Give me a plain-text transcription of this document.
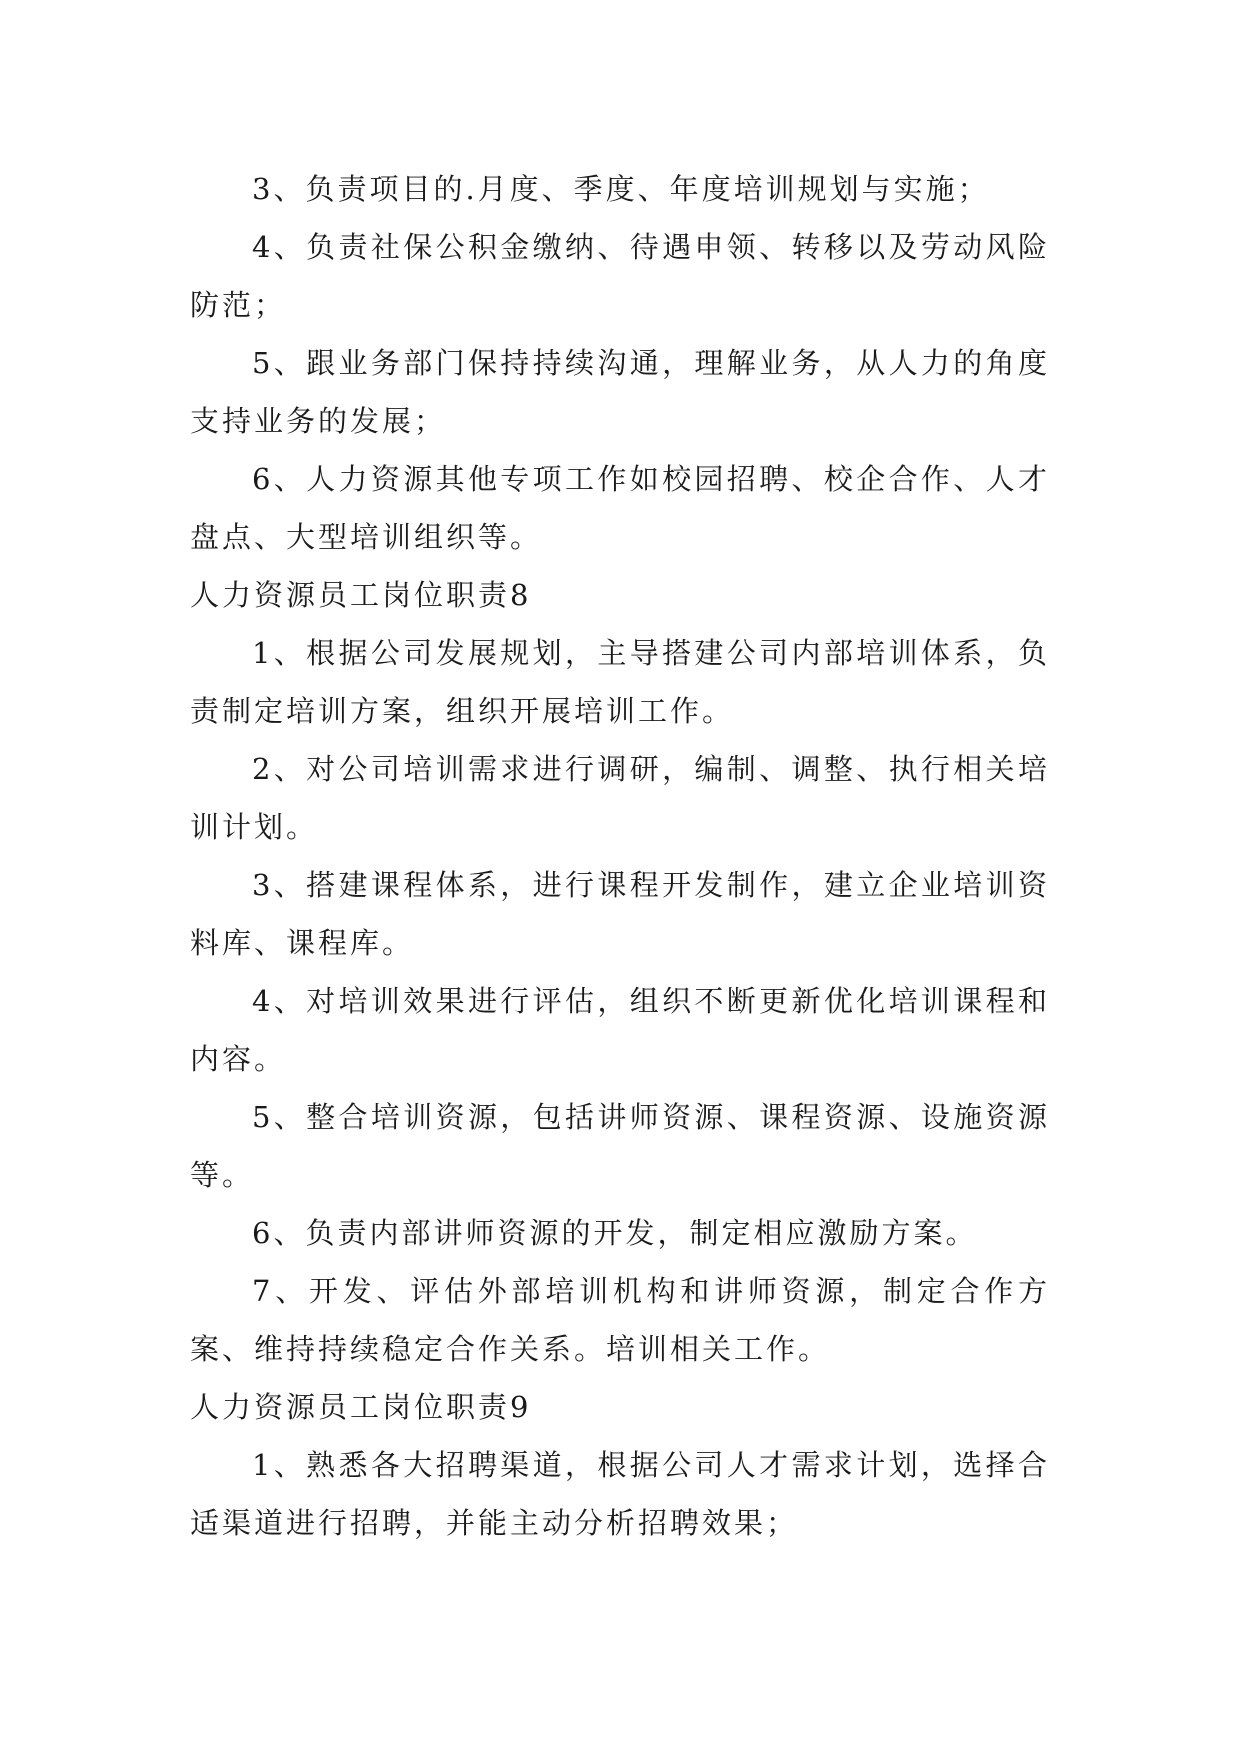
3、负责项目的.月度、季度、年度培训规划与实施；

4、负责社保公积金缴纳、待遇申领、转移以及劳动风险防范；

5、跟业务部门保持持续沟通，理解业务，从人力的角度支持业务的发展；

6、人力资源其他专项工作如校园招聘、校企合作、人才盘点、大型培训组织等。

人力资源员工岗位职责8

1、根据公司发展规划，主导搭建公司内部培训体系，负责制定培训方案，组织开展培训工作。

2、对公司培训需求进行调研，编制、调整、执行相关培训计划。

3、搭建课程体系，进行课程开发制作，建立企业培训资料库、课程库。

4、对培训效果进行评估，组织不断更新优化培训课程和内容。

5、整合培训资源，包括讲师资源、课程资源、设施资源等。

6、负责内部讲师资源的开发，制定相应激励方案。

7、开发、评估外部培训机构和讲师资源，制定合作方案、维持持续稳定合作关系。培训相关工作。

人力资源员工岗位职责9

1、熟悉各大招聘渠道，根据公司人才需求计划，选择合适渠道进行招聘，并能主动分析招聘效果；
